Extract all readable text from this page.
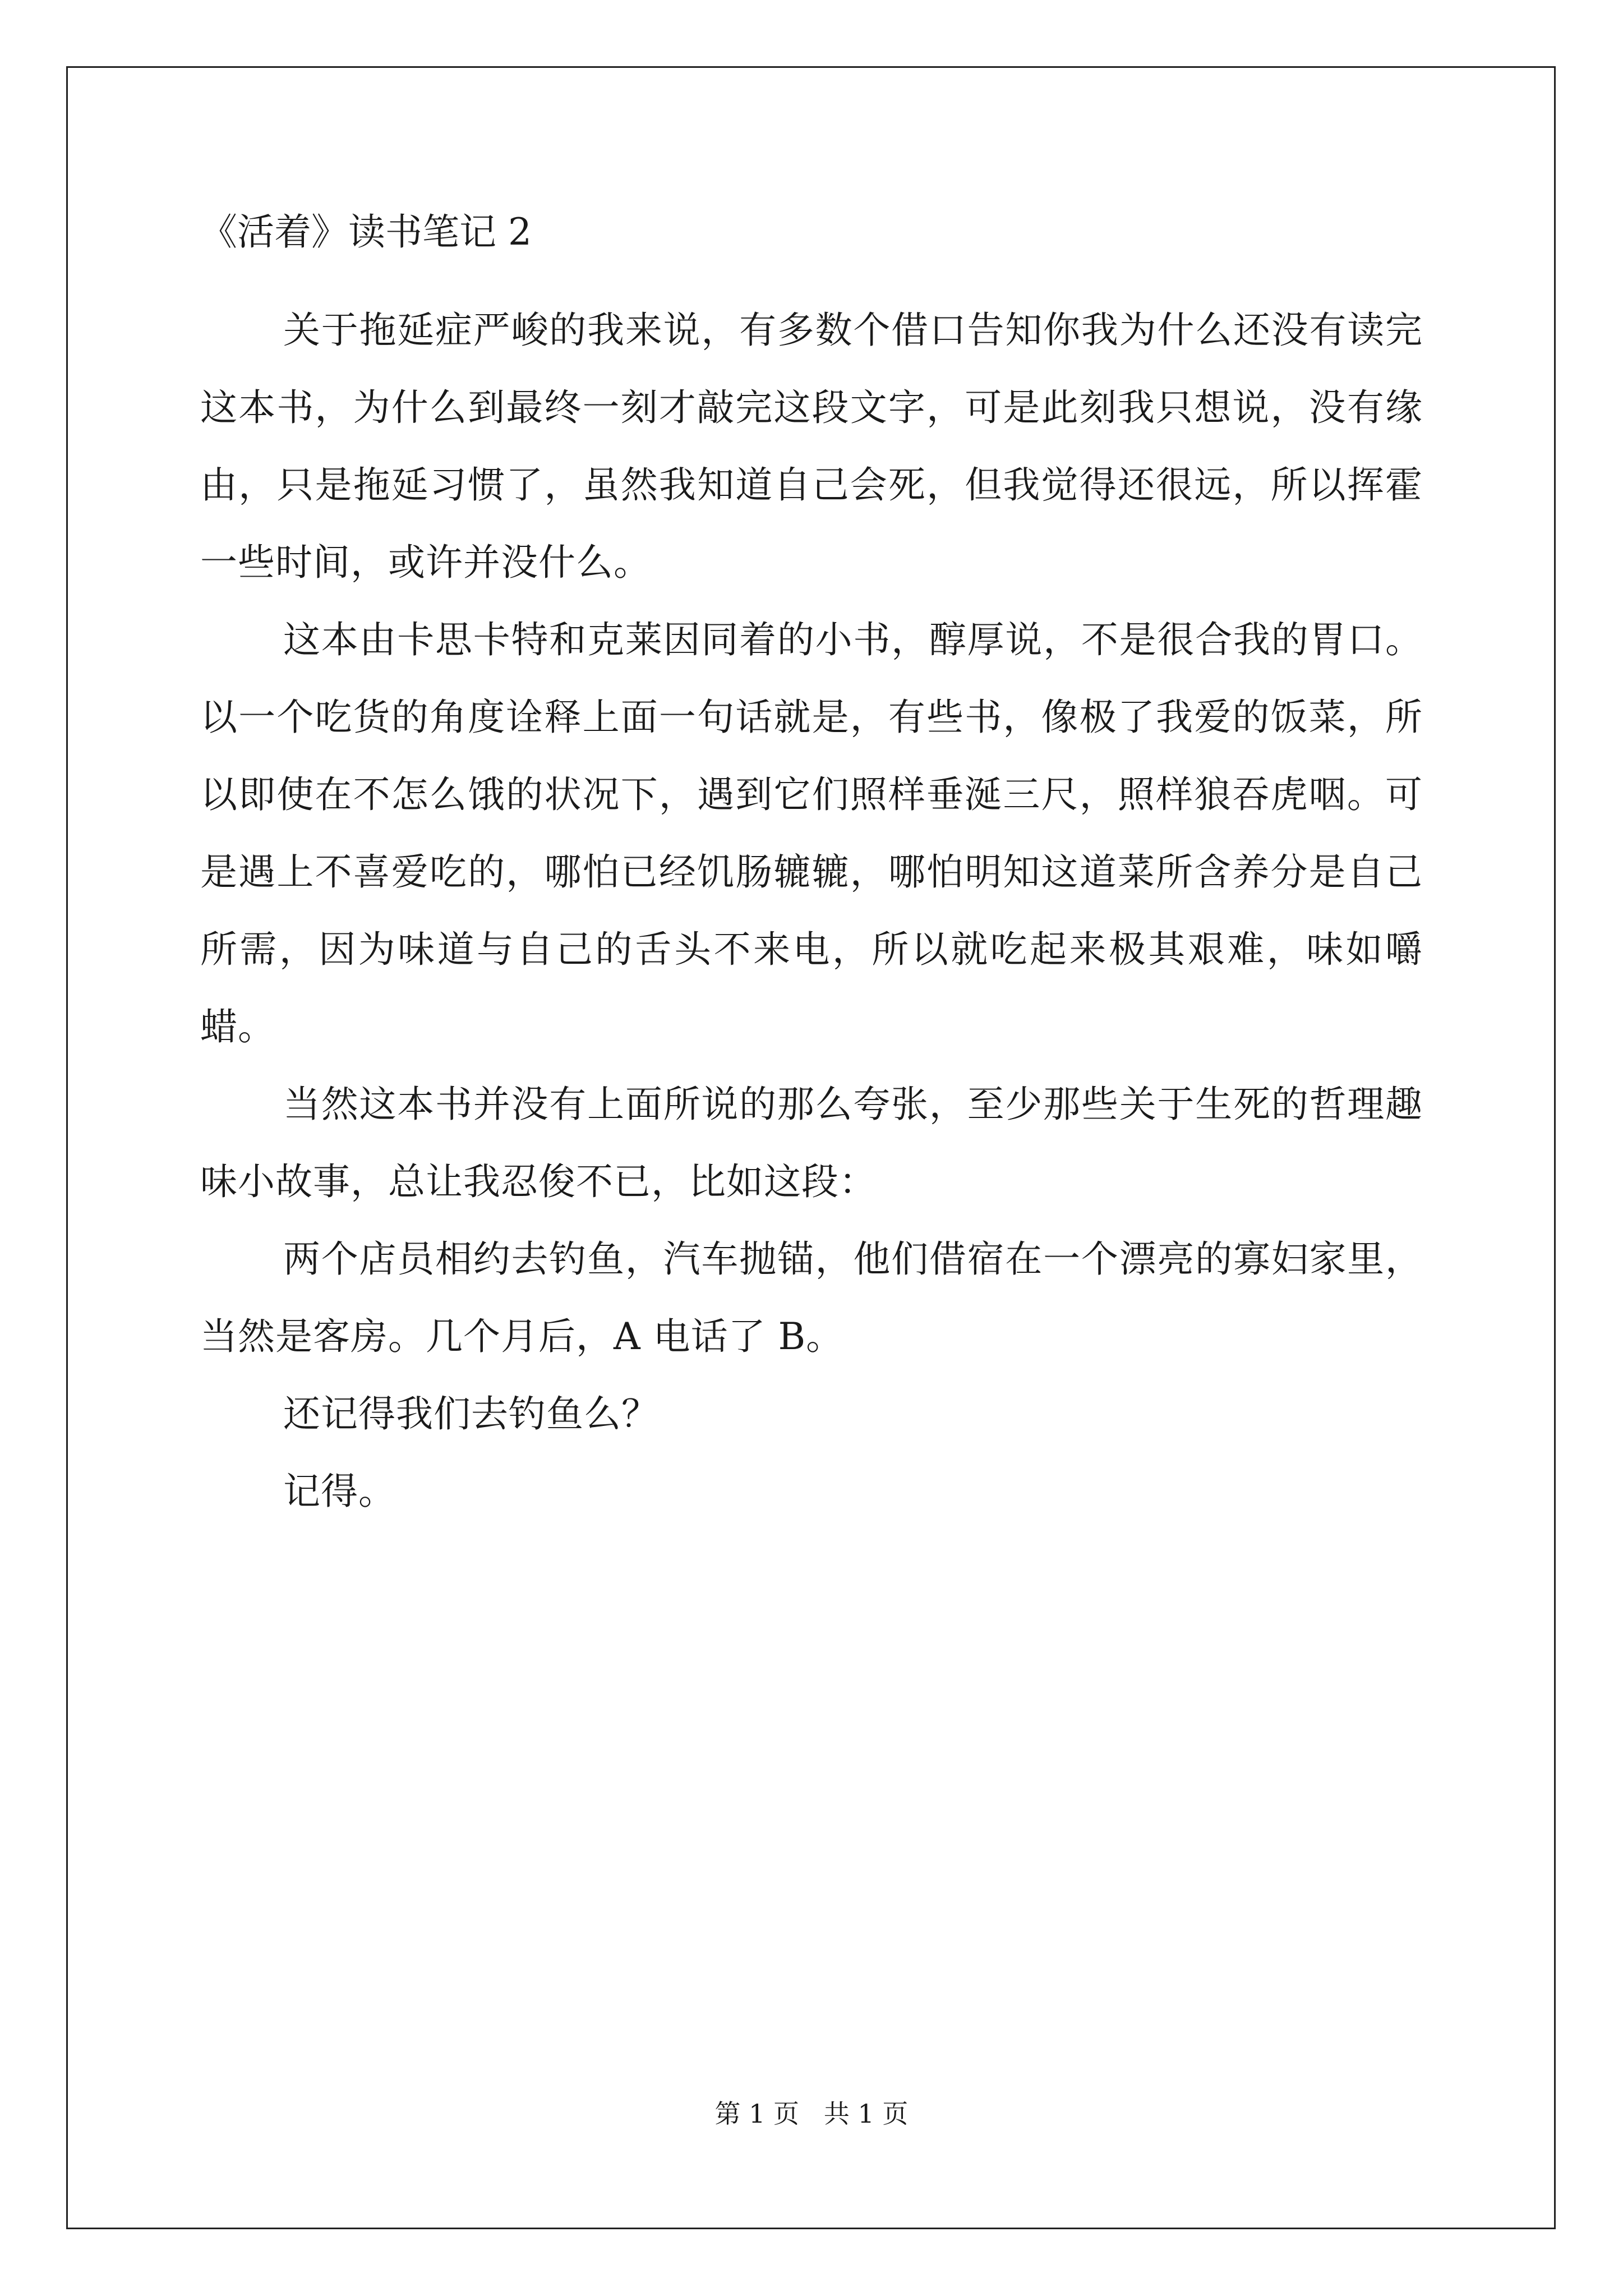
《活着》读书笔记 2

关于拖延症严峻的我来说，有多数个借口告知你我为什么还没有读完这本书，为什么到最终一刻才敲完这段文字，可是此刻我只想说，没有缘由，只是拖延习惯了，虽然我知道自己会死，但我觉得还很远，所以挥霍一些时间，或许并没什么。

这本由卡思卡特和克莱因同着的小书，醇厚说，不是很合我的胃口。以一个吃货的角度诠释上面一句话就是，有些书，像极了我爱的饭菜，所以即使在不怎么饿的状况下，遇到它们照样垂涎三尺，照样狼吞虎咽。可是遇上不喜爱吃的，哪怕已经饥肠辘辘，哪怕明知这道菜所含养分是自己所需，因为味道与自己的舌头不来电，所以就吃起来极其艰难，味如嚼蜡。

当然这本书并没有上面所说的那么夸张，至少那些关于生死的哲理趣味小故事，总让我忍俊不已，比如这段：

两个店员相约去钓鱼，汽车抛锚，他们借宿在一个漂亮的寡妇家里，当然是客房。几个月后，A 电话了 B。

还记得我们去钓鱼么？

记得。

第 1 页   共 1 页
